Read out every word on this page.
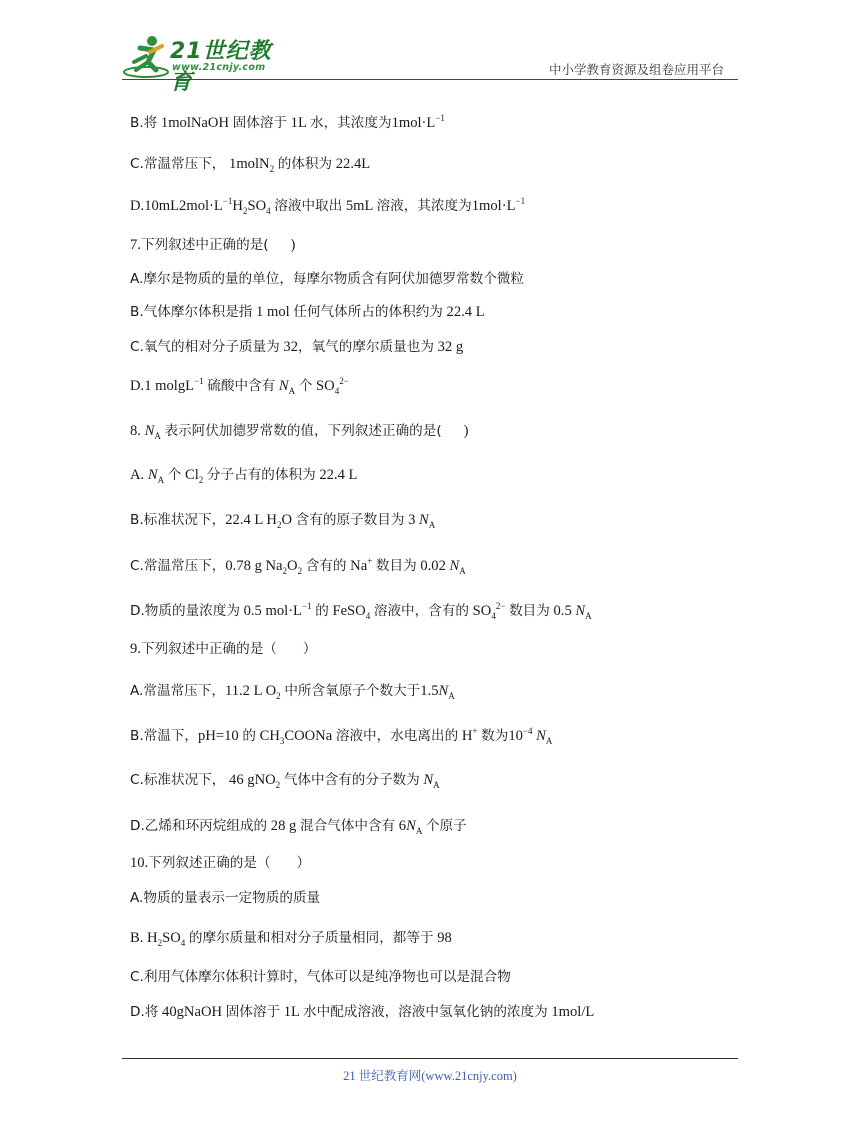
21世纪教育
www.21cnjy.com	中小学教育资源及组卷应用平台
B.将 1molNaOH 固体溶于 1L 水，其浓度为$1mol\cdot L^{-1}$
C.常温常压下， 1molN$_2$ 的体积为 22.4L
$D.10mL2mol\cdot L^{-1}H_2SO_4$ 溶液中取出 5mL 溶液，其浓度为$1mol\cdot L^{-1}$
7.下列叙述中正确的是(      )
A.摩尔是物质的量的单位，每摩尔物质含有阿伏加德罗常数个微粒
B.气体摩尔体积是指 1 mol 任何气体所占的体积约为 22.4 L
C.氧气的相对分子质量为 32，氧气的摩尔质量也为 32 g
D.1 molgL$^{-1}$ 硫酸中含有 $N_A$ 个 $SO_4^{2-}$
8. $N_A$ 表示阿伏加德罗常数的值，下列叙述正确的是(      )
A. $N_A$ 个 $Cl_2$ 分子占有的体积为 22.4 L
B.标准状况下，22.4 L $H_2O$ 含有的原子数目为 3 $N_A$
C.常温常压下，0.78 g $Na_2O_2$ 含有的 Na+ 数目为 0.02 $N_A$
D.物质的量浓度为 0.5 $mol\cdot L^{-1}$ 的 FeSO$_4$ 溶液中，含有的 $SO_4^{2-}$ 数目为 0.5 $N_A$
9.下列叙述中正确的是（      ）
A.常温常压下，11.2 L $O_2$ 中所含氧原子个数大于$1.5N_A$
B.常温下，pH=10 的 $CH_3COONa$ 溶液中，水电离出的 H+ 数为$10^{-4}$ $N_A$
C.标准状况下， 46 gNO$_2$ 气体中含有的分子数为 $N_A$
D.乙烯和环丙烷组成的 28 g 混合气体中含有 $6N_A$ 个原子
10.下列叙述正确的是（      ）
A.物质的量表示一定物质的质量
B. $H_2SO_4$ 的摩尔质量和相对分子质量相同，都等于 98
C.利用气体摩尔体积计算时，气体可以是纯净物也可以是混合物
D.将 40gNaOH 固体溶于 1L 水中配成溶液，溶液中氢氧化钠的浓度为 1mol/L
21 世纪教育网(www.21cnjy.com)
